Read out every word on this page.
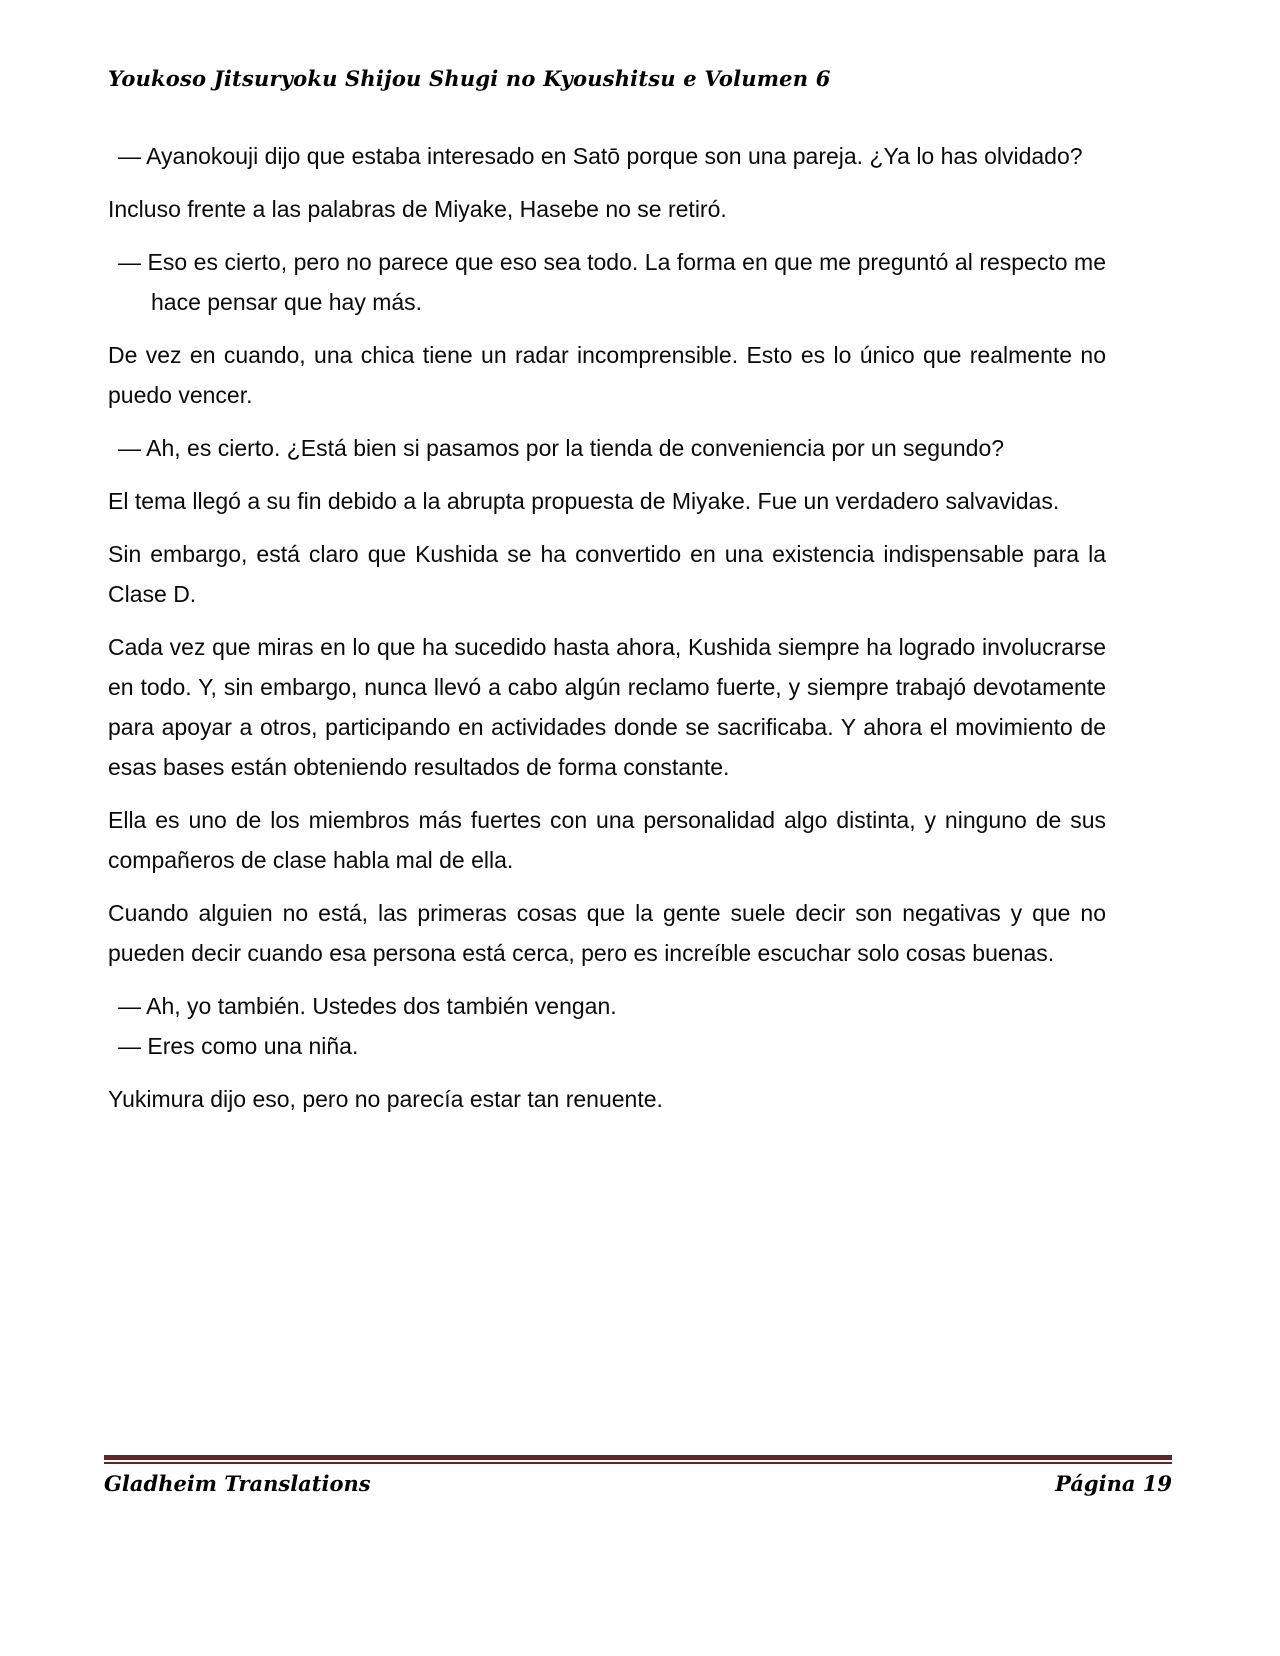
Youkoso Jitsuryoku Shijou Shugi no Kyoushitsu e Volumen 6
— Ayanokouji dijo que estaba interesado en Satō porque son una pareja. ¿Ya lo has olvidado?
Incluso frente a las palabras de Miyake, Hasebe no se retiró.
— Eso es cierto, pero no parece que eso sea todo. La forma en que me preguntó al respecto me hace pensar que hay más.
De vez en cuando, una chica tiene un radar incomprensible. Esto es lo único que realmente no puedo vencer.
— Ah, es cierto. ¿Está bien si pasamos por la tienda de conveniencia por un segundo?
El tema llegó a su fin debido a la abrupta propuesta de Miyake. Fue un verdadero salvavidas.
Sin embargo, está claro que Kushida se ha convertido en una existencia indispensable para la Clase D.
Cada vez que miras en lo que ha sucedido hasta ahora, Kushida siempre ha logrado involucrarse en todo. Y, sin embargo, nunca llevó a cabo algún reclamo fuerte, y siempre trabajó devotamente para apoyar a otros, participando en actividades donde se sacrificaba. Y ahora el movimiento de esas bases están obteniendo resultados de forma constante.
Ella es uno de los miembros más fuertes con una personalidad algo distinta, y ninguno de sus compañeros de clase habla mal de ella.
Cuando alguien no está, las primeras cosas que la gente suele decir son negativas y que no pueden decir cuando esa persona está cerca, pero es increíble escuchar solo cosas buenas.
— Ah, yo también. Ustedes dos también vengan.
— Eres como una niña.
Yukimura dijo eso, pero no parecía estar tan renuente.
Gladheim Translations	Página 19
